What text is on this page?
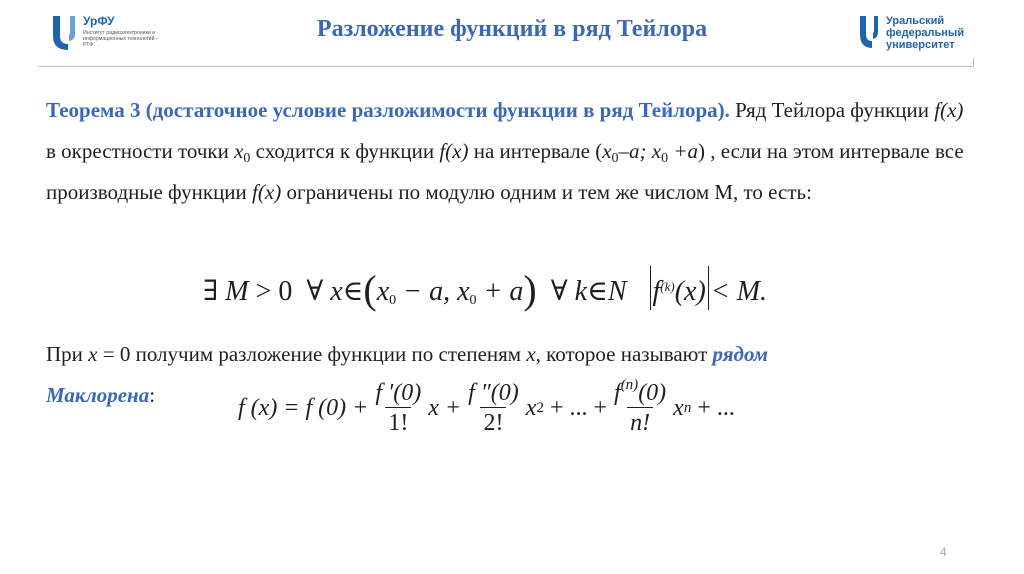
УрФУ
Институт радиоэлектроники и информационных технологий – РТФ
Разложение функций в ряд Тейлора	Уральский
федеральный
университет
Теорема 3 (достаточное условие разложимости функции в ряд Тейлора). Ряд Тейлора функции f(x) в окрестности точки $x_0$ сходится к функции f(x) на интервале ($x_0-a$; $x_0 +a$) , если на этом интервале все производные функции f(x) ограничены по модулю одним и тем же числом М, то есть:
∃ M > 0 ∀ $x\in(x_0 - a$, $x_0 + a$) ∀ k∈N $f^{(k)}(x) < M$.
При x = 0 получим разложение функции по степеням x, которое называют рядом
Маклорена:	f (x) = f $(0) + \frac{f '(0)}{1!}$ $x + \frac{f ''(0)}{2!}$ x 2 + ... + $\frac{f^{(n)}(0)}{n!}$ x n + ...
4
